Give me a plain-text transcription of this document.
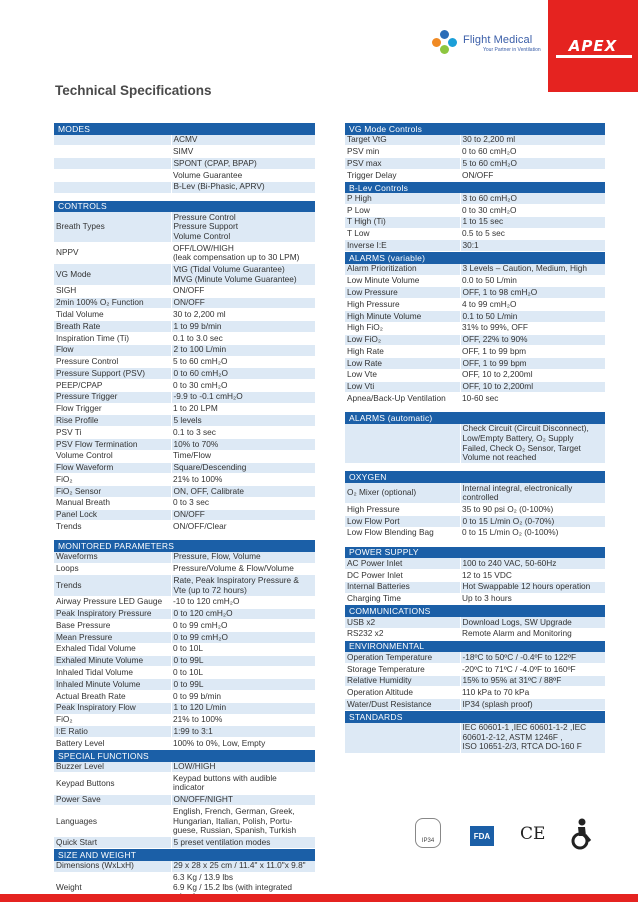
Flight Medical
Your Partner in Ventilation	APEX
Technical Specifications
MODES
	ACMV
	SIMV
	SPONT (CPAP, BPAP)
	Volume Guarantee
	B-Lev (Bi-Phasic, APRV)
CONTROLS
Breath Types	Pressure Control
Pressure Support
Volume Control
NPPV	OFF/LOW/HIGH
(leak compensation up to 30 LPM)
VG Mode	VtG (Tidal Volume Guarantee)
MVG (Minute Volume Guarantee)
SIGH	ON/OFF
2min 100% O₂ Function	ON/OFF
Tidal Volume	30 to 2,200 ml
Breath Rate	1 to 99 b/min
Inspiration Time (Ti)	0.1 to 3.0 sec
Flow	2 to 100 L/min
Pressure Control	5 to 60 cmH₂O
Pressure Support (PSV)	0 to 60 cmH₂O
PEEP/CPAP	0 to 30 cmH₂O
Pressure Trigger	-9.9 to -0.1 cmH₂O
Flow Trigger	1 to 20 LPM
Rise Profile	5 levels
PSV Ti	0.1 to 3 sec
PSV Flow Termination	10% to 70%
Volume Control	Time/Flow
Flow Waveform	Square/Descending
FiO₂	21% to 100%
FiO₂ Sensor	ON, OFF, Calibrate
Manual Breath	0 to 3 sec
Panel Lock	ON/OFF
Trends	ON/OFF/Clear
MONITORED PARAMETERS
Waveforms	Pressure, Flow, Volume
Loops	Pressure/Volume & Flow/Volume
Trends	Rate, Peak Inspiratory Pressure &
Vte (up to 72 hours)
Airway Pressure LED Gauge	-10 to 120 cmH₂O
Peak Inspiratory Pressure	0 to 120 cmH₂O
Base Pressure	0 to 99 cmH₂O
Mean Pressure	0 to 99 cmH₂O
Exhaled Tidal Volume	0 to 10L
Exhaled Minute Volume	0 to 99L
Inhaled Tidal Volume	0 to 10L
Inhaled Minute Volume	0 to 99L
Actual Breath Rate	0 to 99 b/min
Peak Inspiratory Flow	1 to 120 L/min
FiO₂	21% to 100%
I:E Ratio	1:99 to 3:1
Battery Level	100% to 0%, Low, Empty
SPECIAL FUNCTIONS
Buzzer Level	LOW/HIGH
Keypad Buttons	Keypad buttons with audible
indicator
Power Save	ON/OFF/NIGHT
Languages	English, French, German, Greek,
Hungarian, Italian, Polish, Portu-
guese, Russian, Spanish, Turkish
Quick Start	5 preset ventilation modes
SIZE AND WEIGHT
Dimensions (WxLxH)	29 x 28 x 25 cm / 11.4" x 11.0"x 9.8"
Weight	6.3 Kg / 13.9 lbs
6.9 Kg / 15.2 lbs (with integrated
VG Mode Controls
Target VtG	30 to 2,200 ml
PSV min	0 to 60 cmH₂O
PSV max	5 to 60 cmH₂O
Trigger Delay	ON/OFF
B-Lev Controls
P High	3 to 60 cmH₂O
P Low	0 to 30 cmH₂O
T High (Ti)	1 to 15 sec
T Low	0.5 to 5 sec
Inverse I:E	30:1
ALARMS (variable)
Alarm Prioritization	3 Levels – Caution, Medium, High
Low Minute Volume	0.0 to 50 L/min
Low Pressure	OFF, 1 to 98 cmH₂O
High Pressure	4 to 99 cmH₂O
High Minute Volume	0.1 to 50 L/min
High FiO₂	31% to 99%, OFF
Low FiO₂	OFF, 22% to 90%
High Rate	OFF, 1 to 99 bpm
Low Rate	OFF, 1 to 99 bpm
Low Vte	OFF, 10 to 2,200ml
Low Vti	OFF, 10 to 2,200ml
Apnea/Back-Up Ventilation	10-60 sec
ALARMS (automatic)
	Check Circuit (Circuit Disconnect),
Low/Empty Battery, O₂ Supply
Failed, Check O₂ Sensor, Target
Volume not reached
OXYGEN
O₂ Mixer (optional)	Internal integral, electronically
controlled
High Pressure	35 to 90 psi O₂ (0-100%)
Low Flow Port	0 to 15 L/min O₂ (0-70%)
Low Flow Blending Bag	0 to 15 L/min O₂ (0-100%)
POWER SUPPLY
AC Power Inlet	100 to 240 VAC, 50-60Hz
DC Power Inlet	12 to 15 VDC
Internal Batteries	Hot Swappable 12 hours operation
Charging Time	Up to 3 hours
COMMUNICATIONS
USB x2	Download Logs, SW Upgrade
RS232 x2	Remote Alarm and Monitoring
ENVIRONMENTAL
Operation Temperature	-18ºC to 50ºC / -0.4ºF to 122ºF
Storage Temperature	-20ºC to 71ºC / -4.0ºF to 160ºF
Relative Humidity	15% to 95% at 31ºC / 88ºF
Operation Altitude	110 kPa to 70 kPa
Water/Dust Resistance	IP34 (splash proof)
STANDARDS
	IEC 60601-1 ,IEC 60601-1-2 ,IEC
60601-2-12, ASTM 1246F ,
ISO 10651-2/3, RTCA DO-160 F
IP34
FDA CE
